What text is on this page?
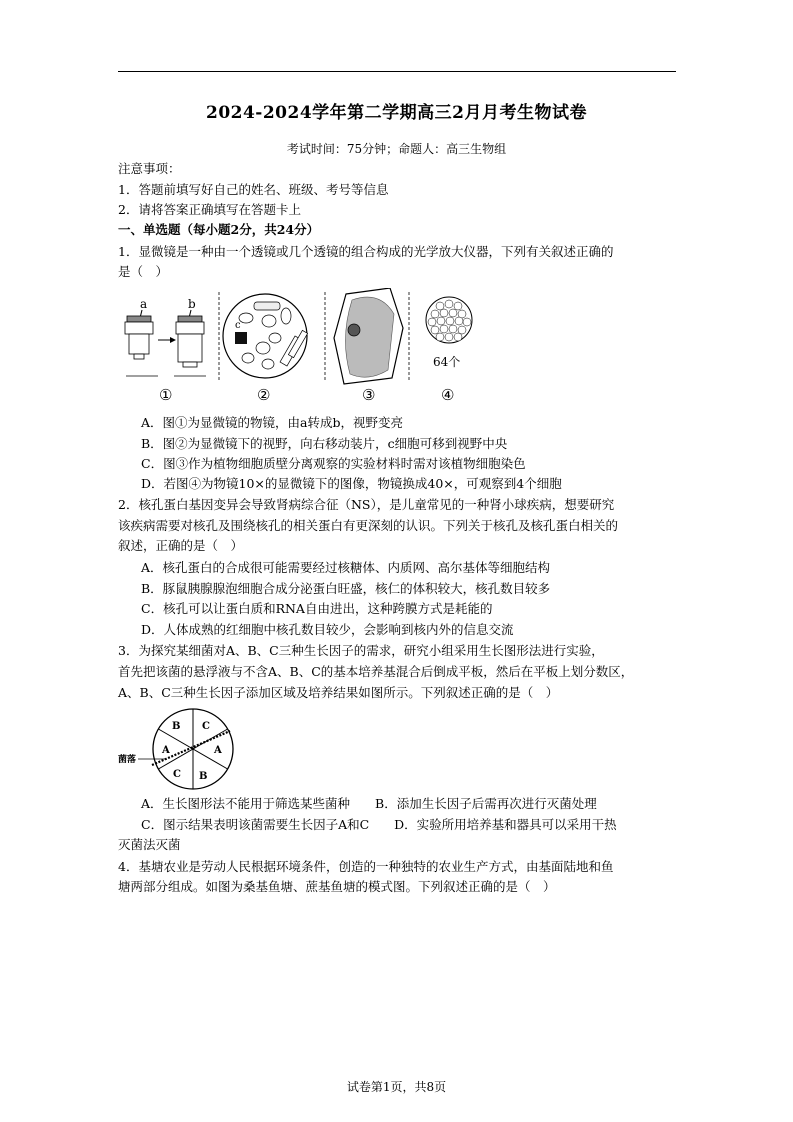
2024-2024学年第二学期高三2月月考生物试卷
考试时间：75分钟；命题人：高三生物组
注意事项：
1．答题前填写好自己的姓名、班级、考号等信息
2．请将答案正确填写在答题卡上
一、单选题（每小题2分，共24分）
1．显微镜是一种由一个透镜或几个透镜的组合构成的光学放大仪器，下列有关叙述正确的
是（　）
a	b
c
64个
①	②	③	④
A．图①为显微镜的物镜，由a转成b，视野变亮
B．图②为显微镜下的视野，向右移动装片，c细胞可移到视野中央
C．图③作为植物细胞质壁分离观察的实验材料时需对该植物细胞染色
D．若图④为物镜10×的显微镜下的图像，物镜换成40×，可观察到4个细胞
2．核孔蛋白基因变异会导致肾病综合征（NS），是儿童常见的一种肾小球疾病，想要研究
该疾病需要对核孔及围绕核孔的相关蛋白有更深刻的认识。下列关于核孔及核孔蛋白相关的
叙述，正确的是（　）
A．核孔蛋白的合成很可能需要经过核糖体、内质网、高尔基体等细胞结构
B．豚鼠胰腺腺泡细胞合成分泌蛋白旺盛，核仁的体积较大，核孔数目较多
C．核孔可以让蛋白质和RNA自由进出，这种跨膜方式是耗能的
D．人体成熟的红细胞中核孔数目较少，会影响到核内外的信息交流
3．为探究某细菌对A、B、C三种生长因子的需求，研究小组采用生长图形法进行实验，
首先把该菌的悬浮液与不含A、B、C的基本培养基混合后倒成平板，然后在平板上划分数区，
A、B、C三种生长因子添加区域及培养结果如图所示。下列叙述正确的是（　）
B C
A
A
C B
菌落
A．生长图形法不能用于筛选某些菌种　　B．添加生长因子后需再次进行灭菌处理
C．图示结果表明该菌需要生长因子A和C　　D．实验所用培养基和器具可以采用干热
灭菌法灭菌
4．基塘农业是劳动人民根据环境条件，创造的一种独特的农业生产方式，由基面陆地和鱼
塘两部分组成。如图为桑基鱼塘、蔗基鱼塘的模式图。下列叙述正确的是（　）
试卷第1页，共8页
